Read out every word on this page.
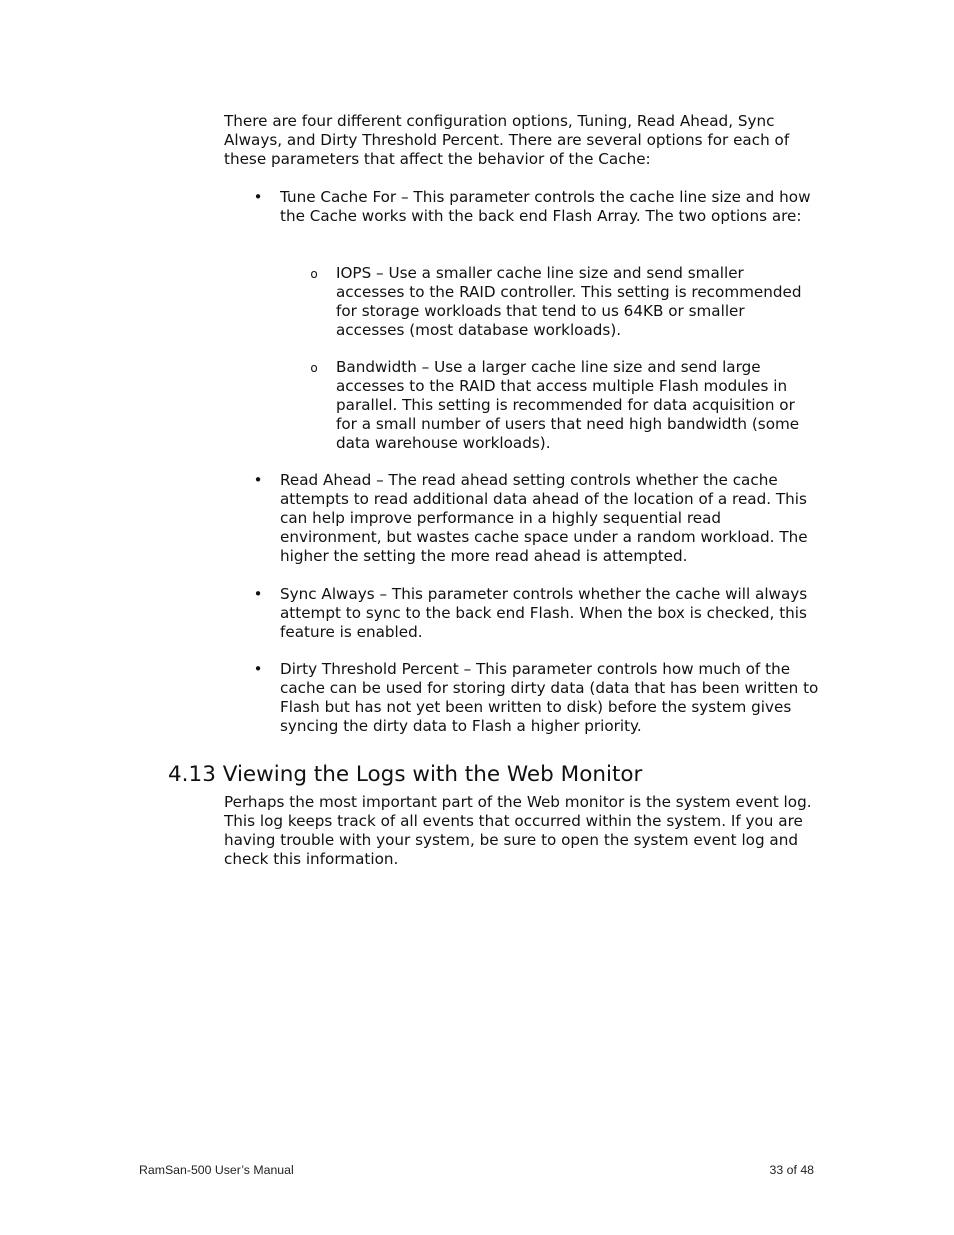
There are four different configuration options, Tuning, Read Ahead, Sync Always, and Dirty Threshold Percent. There are several options for each of these parameters that affect the behavior of the Cache:

• Tune Cache For – This parameter controls the cache line size and how the Cache works with the back end Flash Array. The two options are:
o IOPS – Use a smaller cache line size and send smaller accesses to the RAID controller. This setting is recommended for storage workloads that tend to us 64KB or smaller accesses (most database workloads).
o Bandwidth – Use a larger cache line size and send large accesses to the RAID that access multiple Flash modules in parallel. This setting is recommended for data acquisition or for a small number of users that need high bandwidth (some data warehouse workloads).
• Read Ahead – The read ahead setting controls whether the cache attempts to read additional data ahead of the location of a read. This can help improve performance in a highly sequential read environment, but wastes cache space under a random workload. The higher the setting the more read ahead is attempted.
• Sync Always – This parameter controls whether the cache will always attempt to sync to the back end Flash. When the box is checked, this feature is enabled.
• Dirty Threshold Percent – This parameter controls how much of the cache can be used for storing dirty data (data that has been written to Flash but has not yet been written to disk) before the system gives syncing the dirty data to Flash a higher priority.
4.13 Viewing the Logs with the Web Monitor

Perhaps the most important part of the Web monitor is the system event log. This log keeps track of all events that occurred within the system. If you are having trouble with your system, be sure to open the system event log and check this information.

RamSan-500 User’s Manual	33 of 48
